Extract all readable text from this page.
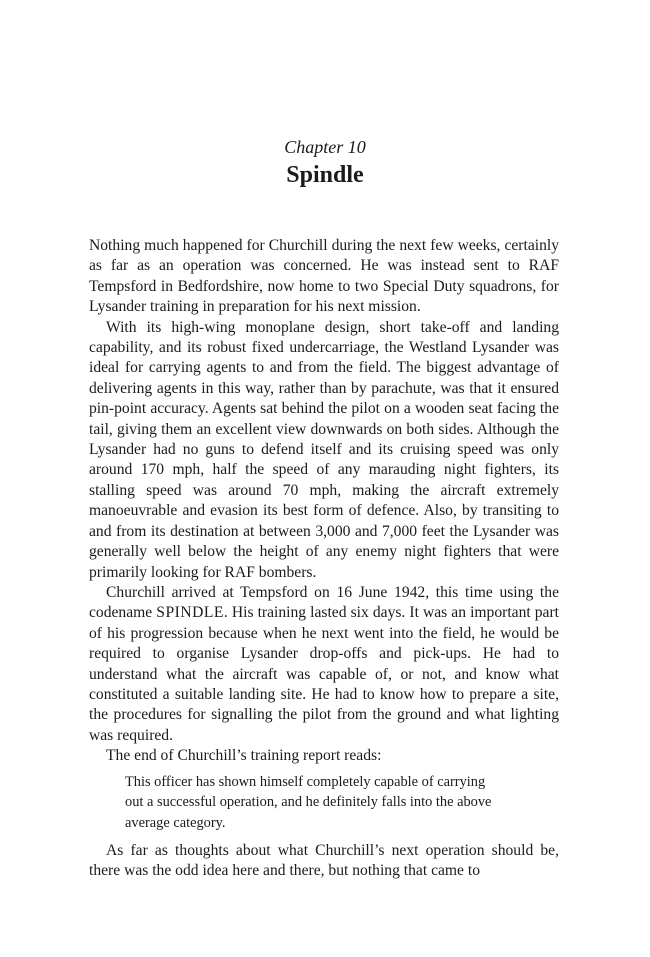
Chapter 10
Spindle

Nothing much happened for Churchill during the next few weeks, certainly as far as an operation was concerned. He was instead sent to RAF Tempsford in Bedfordshire, now home to two Special Duty squadrons, for Lysander training in preparation for his next mission.

With its high-wing monoplane design, short take-off and landing capability, and its robust fixed undercarriage, the Westland Lysander was ideal for carrying agents to and from the field. The biggest advantage of delivering agents in this way, rather than by parachute, was that it ensured pin-point accuracy. Agents sat behind the pilot on a wooden seat facing the tail, giving them an excellent view downwards on both sides. Although the Lysander had no guns to defend itself and its cruising speed was only around 170 mph, half the speed of any marauding night fighters, its stalling speed was around 70 mph, making the aircraft extremely manoeuvrable and evasion its best form of defence. Also, by transiting to and from its destination at between 3,000 and 7,000 feet the Lysander was generally well below the height of any enemy night fighters that were primarily looking for RAF bombers.

Churchill arrived at Tempsford on 16 June 1942, this time using the codename SPINDLE. His training lasted six days. It was an important part of his progression because when he next went into the field, he would be required to organise Lysander drop-offs and pick-ups. He had to understand what the aircraft was capable of, or not, and know what constituted a suitable landing site. He had to know how to prepare a site, the procedures for signalling the pilot from the ground and what lighting was required.

The end of Churchill’s training report reads:

This officer has shown himself completely capable of carrying
out a successful operation, and he definitely falls into the above
average category.

As far as thoughts about what Churchill’s next operation should be, there was the odd idea here and there, but nothing that came to
